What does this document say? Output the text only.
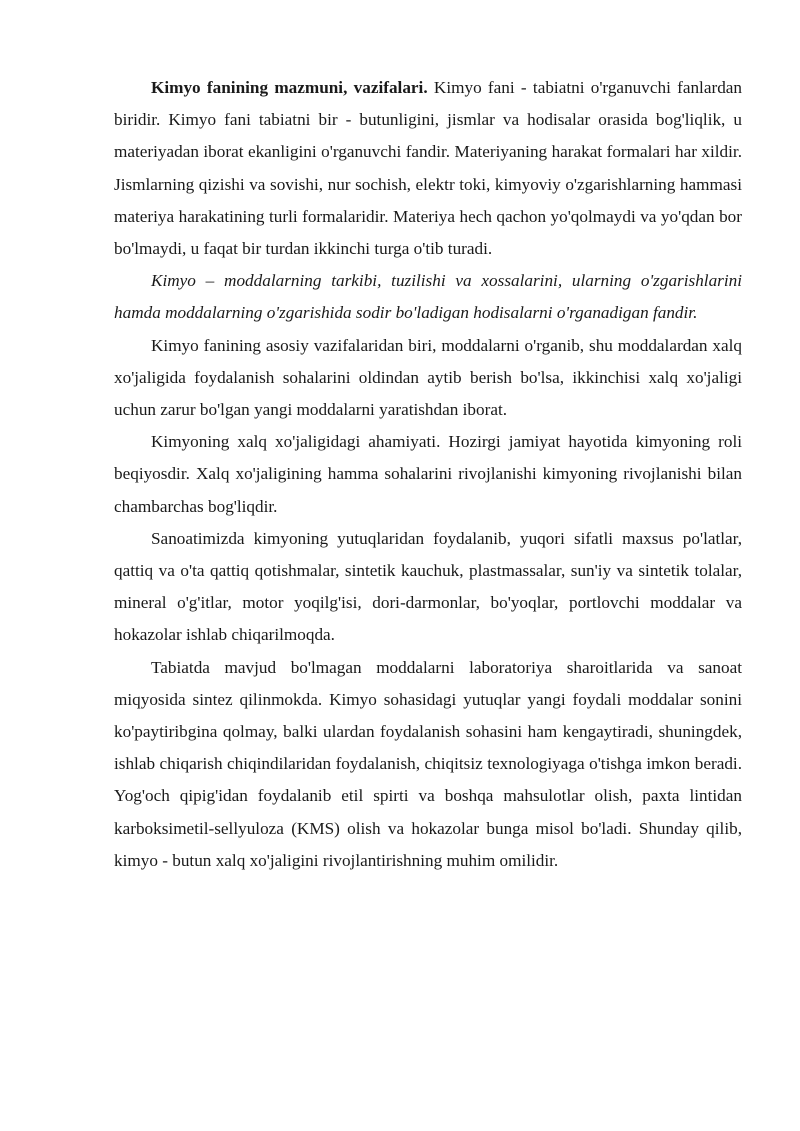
Kimyo fanining mazmuni, vazifalari. Kimyo fani - tabiatni o'rganuvchi fanlardan biridir. Kimyo fani tabiatni bir - butunligini, jismlar va hodisalar orasida bog'liqlik, u materiyadan iborat ekanligini o'rganuvchi fandir. Materiyaning harakat formalari har xildir. Jismlarning qizishi va sovishi, nur sochish, elektr toki, kimyoviy o'zgarishlarning hammasi materiya harakatining turli formalaridir. Materiya hech qachon yo'qolmaydi va yo'qdan bor bo'lmaydi, u faqat bir turdan ikkinchi turga o'tib turadi.

Kimyo – moddalarning tarkibi, tuzilishi va xossalarini, ularning o'zgarishlarini hamda moddalarning o'zgarishida sodir bo'ladigan hodisalarni o'rganadigan fandir.

Kimyo fanining asosiy vazifalaridan biri, moddalarni o'rganib, shu moddalardan xalq xo'jaligida foydalanish sohalarini oldindan aytib berish bo'lsa, ikkinchisi xalq xo'jaligi uchun zarur bo'lgan yangi moddalarni yaratishdan iborat.

Kimyoning xalq xo'jaligidagi ahamiyati. Hozirgi jamiyat hayotida kimyoning roli beqiyosdir. Xalq xo'jaligining hamma sohalarini rivojlanishi kimyoning rivojlanishi bilan chambarchas bog'liqdir.

Sanoatimizda kimyoning yutuqlaridan foydalanib, yuqori sifatli maxsus po'latlar, qattiq va o'ta qattiq qotishmalar, sintetik kauchuk, plastmassalar, sun'iy va sintetik tolalar, mineral o'g'itlar, motor yoqilg'isi, dori-darmonlar, bo'yoqlar, portlovchi moddalar va hokazolar ishlab chiqarilmoqda.

Tabiatda mavjud bo'lmagan moddalarni laboratoriya sharoitlarida va sanoat miqyosida sintez qilinmokda. Kimyo sohasidagi yutuqlar yangi foydali moddalar sonini ko'paytiribgina qolmay, balki ulardan foydalanish sohasini ham kengaytiradi, shuningdek, ishlab chiqarish chiqindilaridan foydalanish, chiqitsiz texnologiyaga o'tishga imkon beradi. Yog'och qipig'idan foydalanib etil spirti va boshqa mahsulotlar olish, paxta lintidan karboksimetil-sellyuloza (KMS) olish va hokazolar bunga misol bo'ladi. Shunday qilib, kimyo - butun xalq xo'jaligini rivojlantirishning muhim omilidir.
